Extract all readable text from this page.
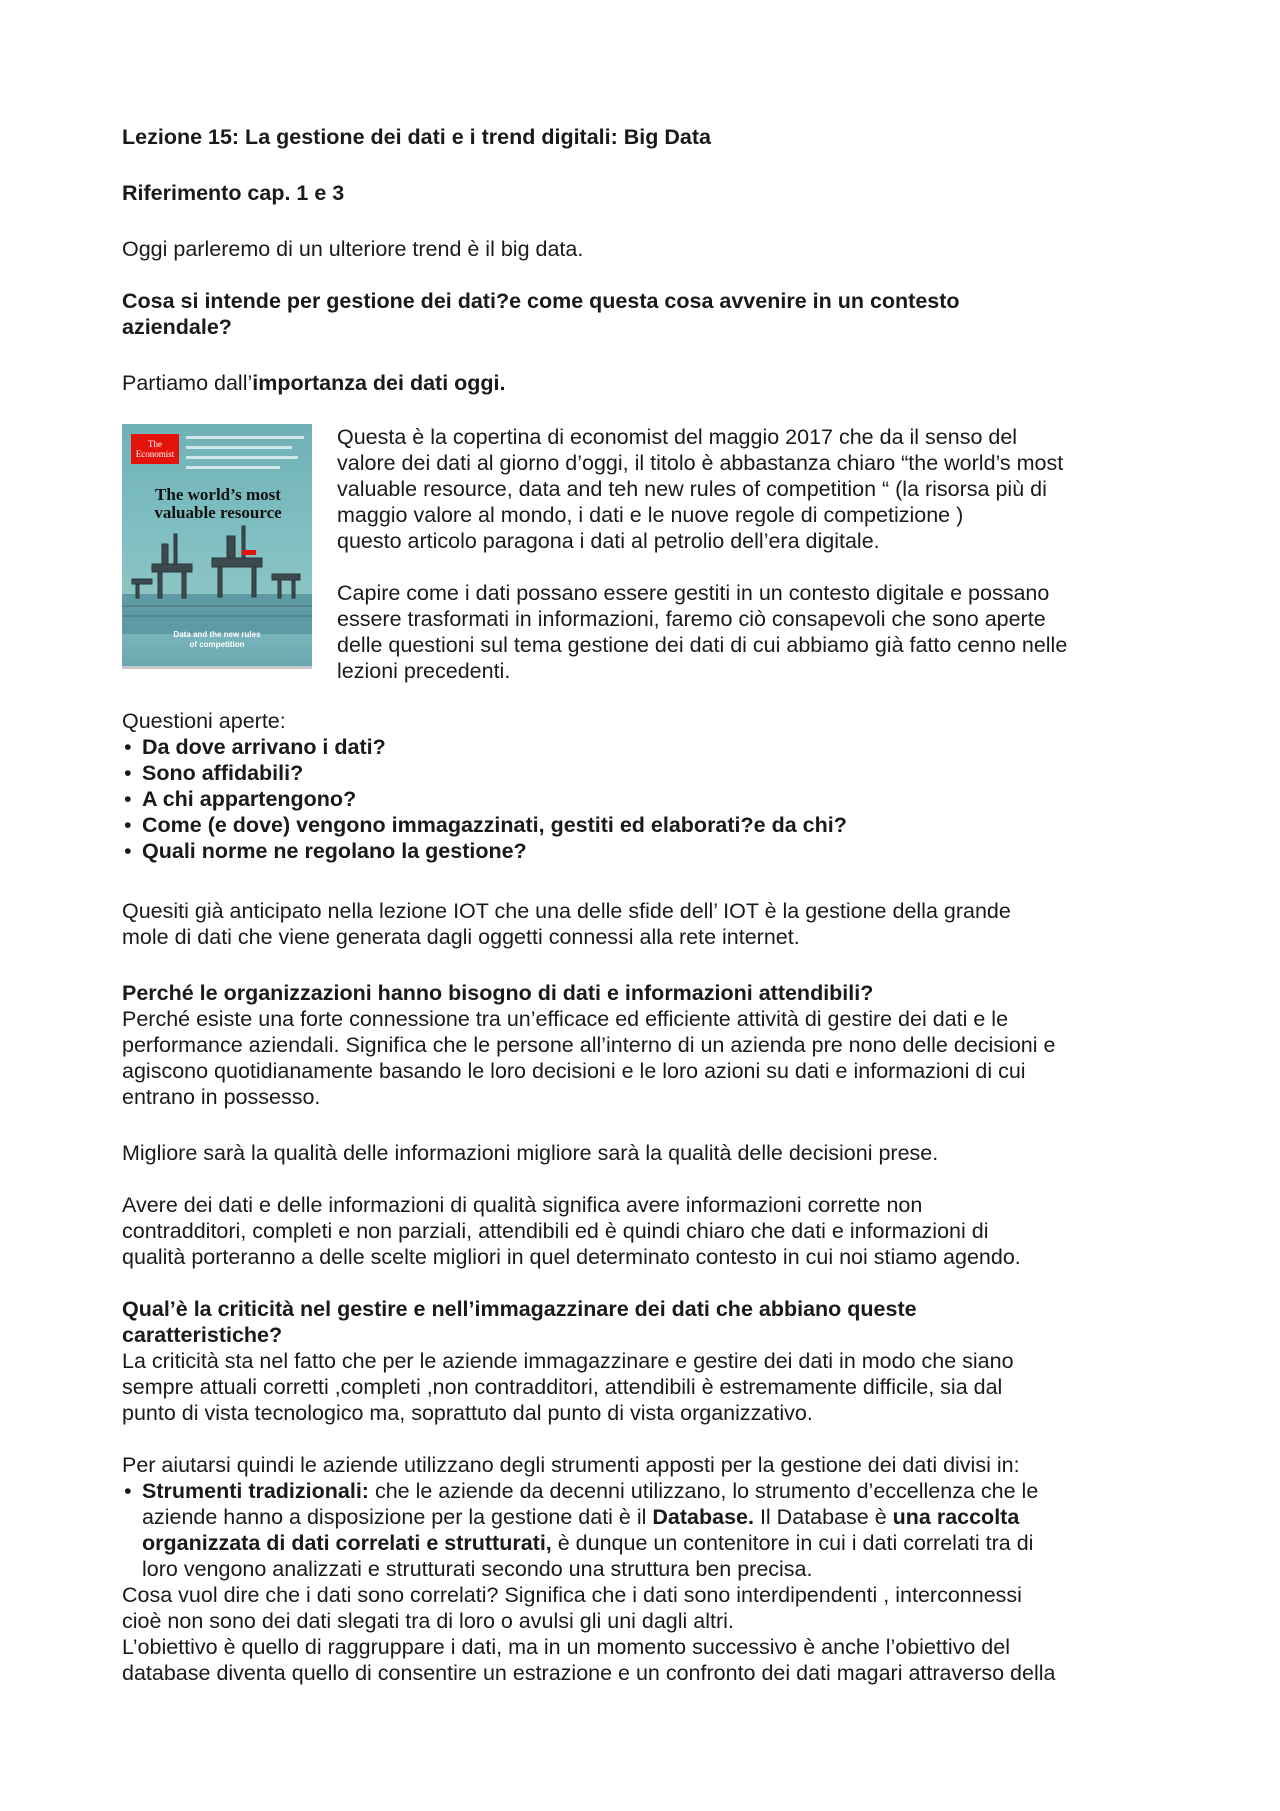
Lezione 15: La gestione dei dati e i trend digitali: Big Data

Riferimento cap. 1 e 3

Oggi parleremo di un ulteriore trend è il big data.

Cosa si intende per gestione dei dati?e come questa cosa avvenire in un contesto

aziendale?

Partiamo dall’importanza dei dati oggi.

The
Economist
The world’s most
valuable resource
Data and the new rules
of competition

Questa è la copertina di economist del maggio 2017 che da il senso del

valore dei dati al giorno d’oggi, il titolo è abbastanza chiaro “the world’s most

valuable resource, data and teh new rules of competition “ (la risorsa più di

maggio valore al mondo, i dati e le nuove regole di competizione )

questo articolo paragona i dati al petrolio dell’era digitale.

Capire come i dati possano essere gestiti in un contesto digitale e possano

essere trasformati in informazioni, faremo ciò consapevoli che sono aperte

delle questioni sul tema gestione dei dati di cui abbiamo già fatto cenno nelle

lezioni precedenti.

Questioni aperte:

• Da dove arrivano i dati?
• Sono affidabili?
• A chi appartengono?
• Come (e dove) vengono immagazzinati, gestiti ed elaborati?e da chi?
• Quali norme ne regolano la gestione?

Quesiti già anticipato nella lezione IOT che una delle sfide dell’ IOT è la gestione della grande

mole di dati che viene generata dagli oggetti connessi alla rete internet.

Perché le organizzazioni hanno bisogno di dati e informazioni attendibili?

Perché esiste una forte connessione tra un’efficace ed efficiente attività di gestire dei dati e le

performance aziendali. Significa che le persone all’interno di un azienda pre nono delle decisioni e

agiscono quotidianamente basando le loro decisioni e le loro azioni su dati e informazioni di cui

entrano in possesso.

Migliore sarà la qualità delle informazioni migliore sarà la qualità delle decisioni prese.

Avere dei dati e delle informazioni di qualità significa avere informazioni corrette non

contradditori, completi e non parziali, attendibili ed è quindi chiaro che dati e informazioni di

qualità porteranno a delle scelte migliori in quel determinato contesto in cui noi stiamo agendo.

Qual’è la criticità nel gestire e nell’immagazzinare dei dati che abbiano queste

caratteristiche?

La criticità sta nel fatto che per le aziende immagazzinare e gestire dei dati in modo che siano

sempre attuali corretti ,completi ,non contradditori, attendibili è estremamente difficile, sia dal

punto di vista tecnologico ma, soprattuto dal punto di vista organizzativo.

Per aiutarsi quindi le aziende utilizzano degli strumenti apposti per la gestione dei dati divisi in:

• Strumenti tradizionali: che le aziende da decenni utilizzano, lo strumento d’eccellenza che le
aziende hanno a disposizione per la gestione dati è il Database. Il Database è una raccolta
organizzata di dati correlati e strutturati, è dunque un contenitore in cui i dati correlati tra di
loro vengono analizzati e strutturati secondo una struttura ben precisa.

Cosa vuol dire che i dati sono correlati? Significa che i dati sono interdipendenti , interconnessi

cioè non sono dei dati slegati tra di loro o avulsi gli uni dagli altri.

L’obiettivo è quello di raggruppare i dati, ma in un momento successivo è anche l’obiettivo del

database diventa quello di consentire un estrazione e un confronto dei dati magari attraverso della
